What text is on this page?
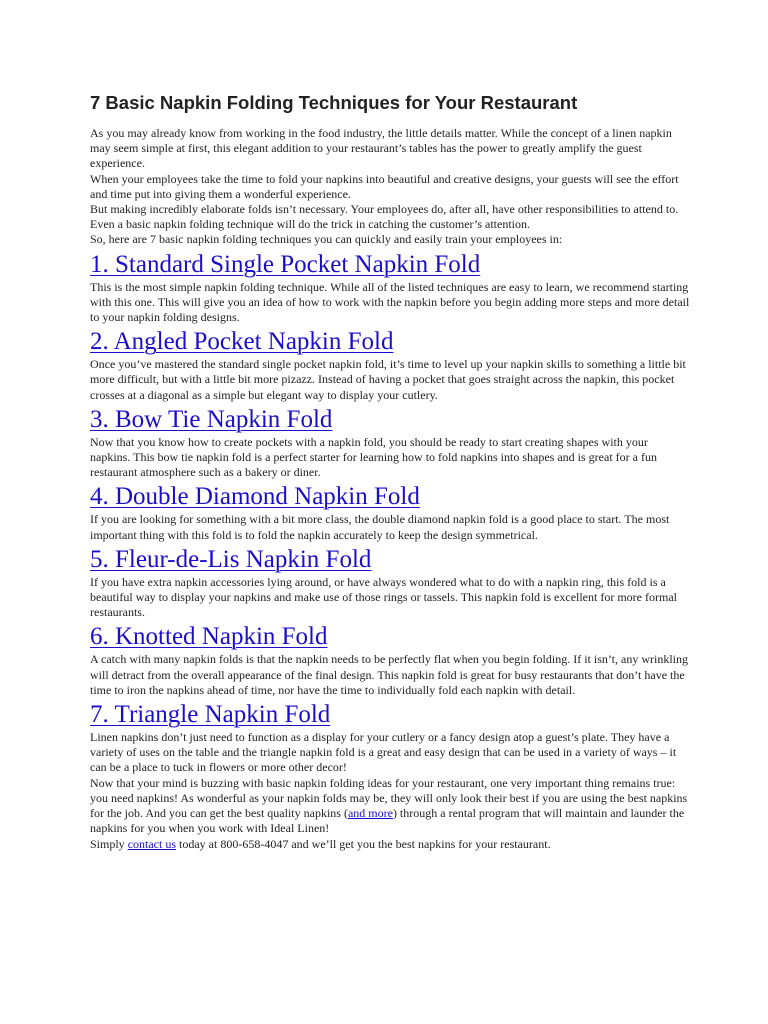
7 Basic Napkin Folding Techniques for Your Restaurant

As you may already know from working in the food industry, the little details matter. While the concept of a linen napkin may seem simple at first, this elegant addition to your restaurant’s tables has the power to greatly amplify the guest experience.

When your employees take the time to fold your napkins into beautiful and creative designs, your guests will see the effort and time put into giving them a wonderful experience.

But making incredibly elaborate folds isn’t necessary. Your employees do, after all, have other responsibilities to attend to. Even a basic napkin folding technique will do the trick in catching the customer’s attention.

So, here are 7 basic napkin folding techniques you can quickly and easily train your employees in:

1. Standard Single Pocket Napkin Fold

This is the most simple napkin folding technique. While all of the listed techniques are easy to learn, we recommend starting with this one. This will give you an idea of how to work with the napkin before you begin adding more steps and more detail to your napkin folding designs.

2. Angled Pocket Napkin Fold

Once you’ve mastered the standard single pocket napkin fold, it’s time to level up your napkin skills to something a little bit more difficult, but with a little bit more pizazz. Instead of having a pocket that goes straight across the napkin, this pocket crosses at a diagonal as a simple but elegant way to display your cutlery.

3. Bow Tie Napkin Fold

Now that you know how to create pockets with a napkin fold, you should be ready to start creating shapes with your napkins. This bow tie napkin fold is a perfect starter for learning how to fold napkins into shapes and is great for a fun restaurant atmosphere such as a bakery or diner.

4. Double Diamond Napkin Fold

If you are looking for something with a bit more class, the double diamond napkin fold is a good place to start. The most important thing with this fold is to fold the napkin accurately to keep the design symmetrical.

5. Fleur-de-Lis Napkin Fold

If you have extra napkin accessories lying around, or have always wondered what to do with a napkin ring, this fold is a beautiful way to display your napkins and make use of those rings or tassels. This napkin fold is excellent for more formal restaurants.

6. Knotted Napkin Fold

A catch with many napkin folds is that the napkin needs to be perfectly flat when you begin folding. If it isn’t, any wrinkling will detract from the overall appearance of the final design. This napkin fold is great for busy restaurants that don’t have the time to iron the napkins ahead of time, nor have the time to individually fold each napkin with detail.

7. Triangle Napkin Fold

Linen napkins don’t just need to function as a display for your cutlery or a fancy design atop a guest’s plate. They have a variety of uses on the table and the triangle napkin fold is a great and easy design that can be used in a variety of ways – it can be a place to tuck in flowers or more other decor!

Now that your mind is buzzing with basic napkin folding ideas for your restaurant, one very important thing remains true: you need napkins! As wonderful as your napkin folds may be, they will only look their best if you are using the best napkins for the job. And you can get the best quality napkins (and more) through a rental program that will maintain and launder the napkins for you when you work with Ideal Linen!

Simply contact us today at 800-658-4047 and we’ll get you the best napkins for your restaurant.
